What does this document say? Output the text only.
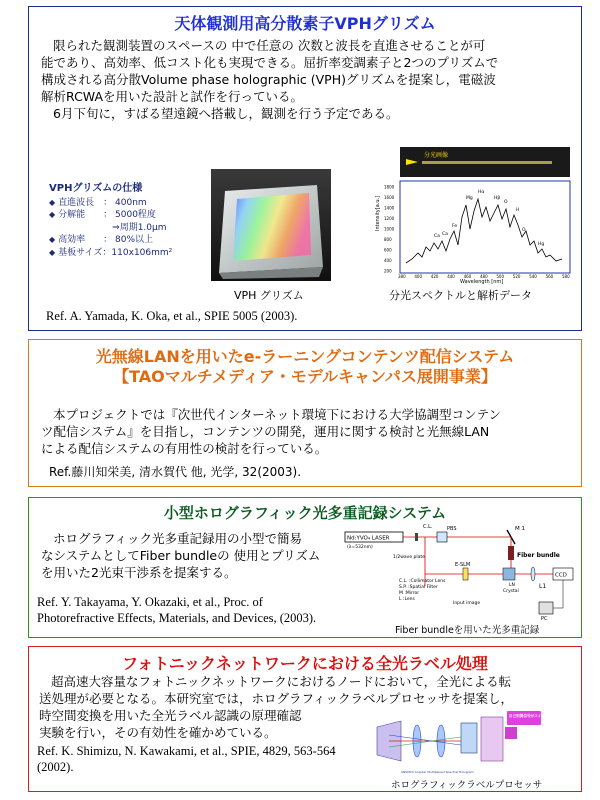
天体観測用高分散素子VPHグリズム
限られた観測装置のスペースの 中で任意の 次数と波長を直進させることが可
能であり、高効率、低コスト化も実現できる。屈折率変調素子と2つのプリズムで
構成される高分散Volume phase holographic (VPH)グリズムを提案し，電磁波
解析RCWAを用いた設計と試作を行っている。
6月下旬に，すばる望遠鏡へ搭載し，観測を行う予定である。
VPHグリズムの仕様
◆ 直進波長　： 400nm
◆ 分解能　　： 5000程度
　　　　　　⇒周期1.0μm
◆ 高効率　　： 80%以上
◆ 基板サイズ：110x106mm²
VPH グリズム
分光画像
Intensity[a.u.]
Wavelength [nm]
1800
1600
1400
1200
1000
800
600
400
200
380 400 420 440 460 480 500 520 540 560 580
Mg
Hα
Fe
Ca Ca
Hβ
O
H
O
Hg
分光スペクトルと解析データ
Ref. A. Yamada, K. Oka, et al., SPIE 5005 (2003).
光無線LANを用いたe-ラーニングコンテンツ配信システム
【TAOマルチメディア・モデルキャンパス展開事業】
本プロジェクトでは『次世代インターネット環境下における大学協調型コンテン
ツ配信システム』を目指し，コンテンツの開発，運用に関する検討と光無線LAN
による配信システムの有用性の検討を行っている。
Ref.藤川知栄美, 清水賀代 他, 光学, 32(2003).
小型ホログラフィック光多重記録システム
ホログラフィック光多重記録用の小型で簡易
なシステムとしてFiber bundleの 使用とプリズム
を用いた2光束干渉系を提案する。
Ref. Y. Takayama, Y. Okazaki, et al., Proc. of
Photorefractive Effects, Materials, and Devices, (2003).
Nd:YVO₄ LASER
(λ=532nm)
1/2wave plate
C.L.	PBS	M 1
Fiber bundle
E-SLM
LN
Crystal
L1
CCD
PC
Input image
C.L. :Collimator Lens
S.P. :Spatial Filter
M :Mirror
L :Lens
Fiber bundleを用いた光多重記録
フォトニックネットワークにおける全光ラベル処理
超高速大容量なフォトニックネットワークにおけるノードにおいて，全光による転
送処理が必要となる。本研究室では，ホログラフィックラベルプロセッサを提案し，
時空間変換を用いた全光ラベル認識の原理確認
実験を行い，その有効性を確かめている。
Ref. K. Shimizu, N. Kawakami, et al., SPIE, 4829, 563-564
(2002).
自己相関信号がスイッチを制御
ANSMCS Angular Multiplexed Spectral Hologram
ホログラフィックラベルプロセッサ
